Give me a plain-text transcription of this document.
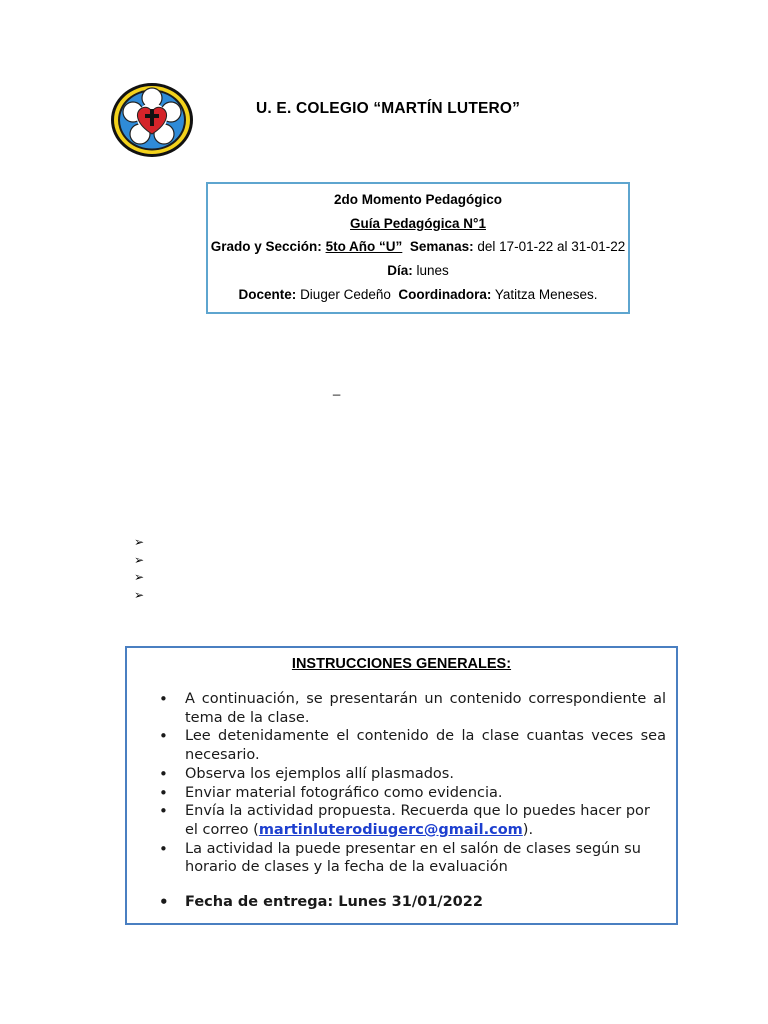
U. E. COLEGIO “MARTÍN LUTERO”
2do Momento Pedagógico
Guía Pedagógica N°1
Grado y Sección: 5to Año “U” Semanas: del 17-01-22 al 31-01-22
Día: lunes
Docente: Diuger Cedeño Coordinadora: Yatitza Meneses.
_
➢
➢
➢
➢
INSTRUCCIONES GENERALES:
• A continuación, se presentarán un contenido correspondiente al tema de la clase.
• Lee detenidamente el contenido de la clase cuantas veces sea necesario.
• Observa los ejemplos allí plasmados.
• Enviar material fotográfico como evidencia.
• Envía la actividad propuesta. Recuerda que lo puedes hacer por el correo (martinluterodiugerc@gmail.com).
• La actividad la puede presentar en el salón de clases según su horario de clases y la fecha de la evaluación
• Fecha de entrega: Lunes 31/01/2022
